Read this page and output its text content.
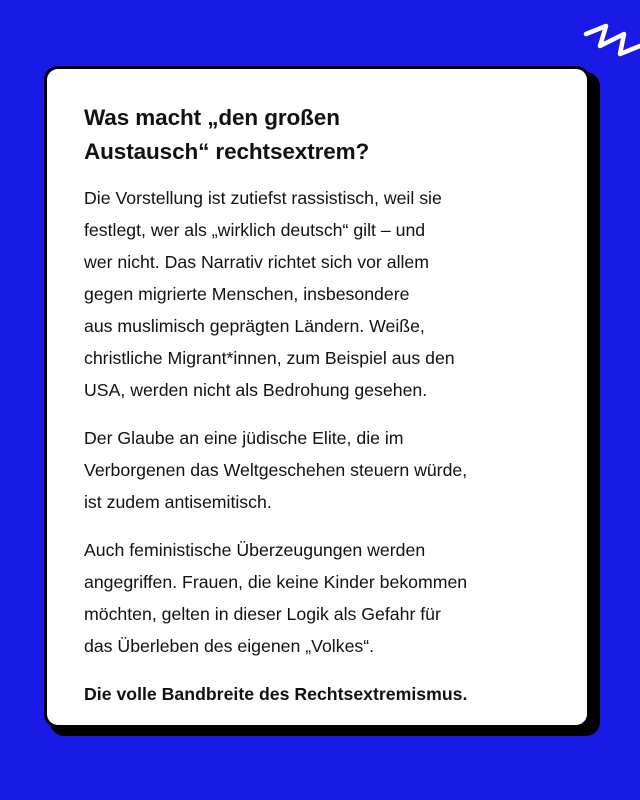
Was macht „den großen
Austausch“ rechtsextrem?

Die Vorstellung ist zutiefst rassistisch, weil sie
festlegt, wer als „wirklich deutsch“ gilt – und
wer nicht. Das Narrativ richtet sich vor allem
gegen migrierte Menschen, insbesondere
aus muslimisch geprägten Ländern. Weiße,
christliche Migrant*innen, zum Beispiel aus den
USA, werden nicht als Bedrohung gesehen.

Der Glaube an eine jüdische Elite, die im
Verborgenen das Weltgeschehen steuern würde,
ist zudem antisemitisch.

Auch feministische Überzeugungen werden
angegriffen. Frauen, die keine Kinder bekommen
möchten, gelten in dieser Logik als Gefahr für
das Überleben des eigenen „Volkes“.

Die volle Bandbreite des Rechtsextremismus.
